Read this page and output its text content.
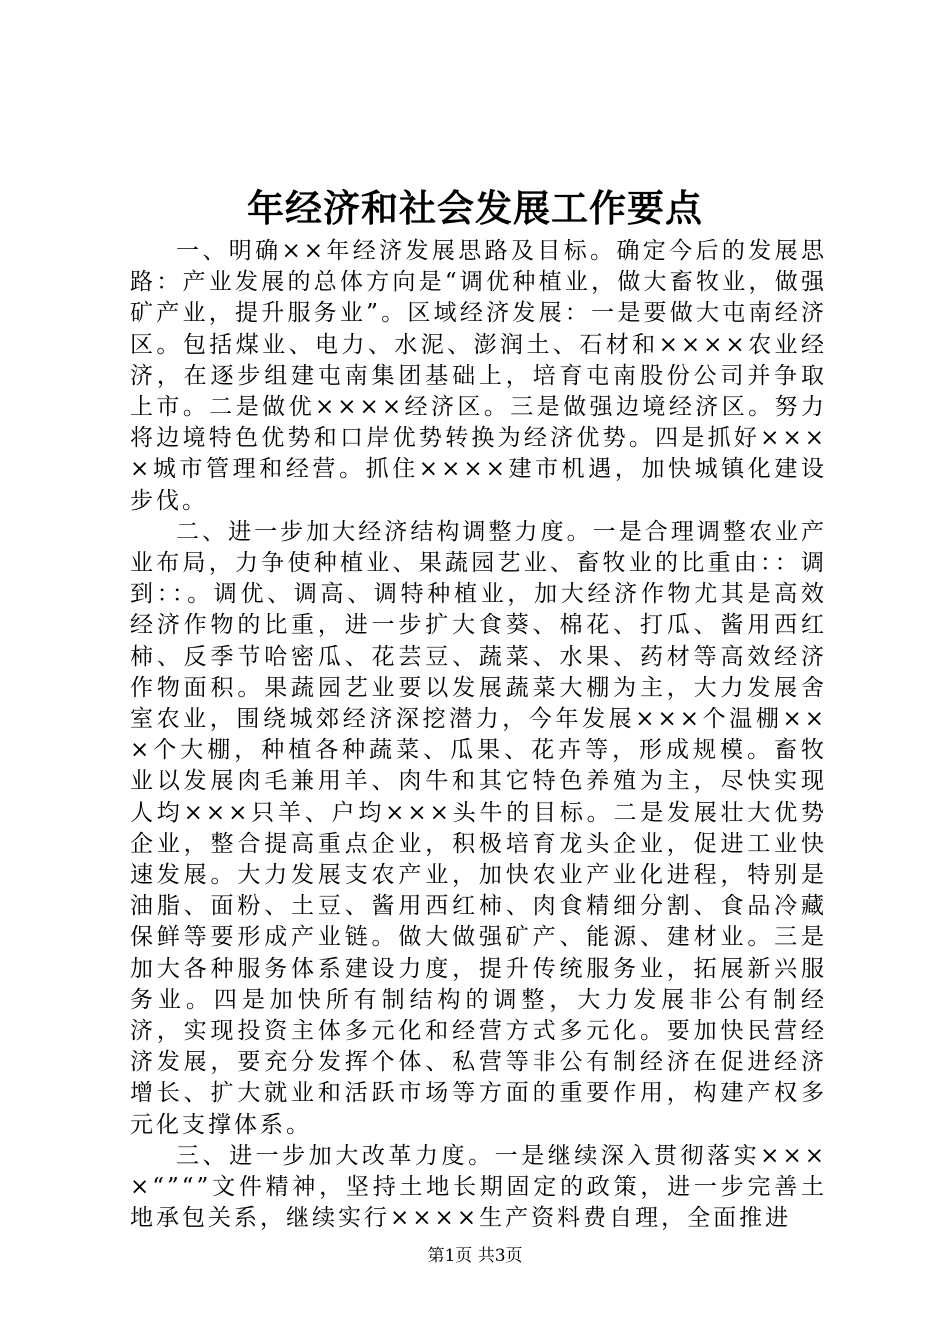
年经济和社会发展工作要点

一、明确××年经济发展思路及目标。确定今后的发展思路：产业发展的总体方向是“调优种植业，做大畜牧业，做强矿产业，提升服务业”。区域经济发展：一是要做大屯南经济区。包括煤业、电力、水泥、澎润土、石材和××××农业经济，在逐步组建屯南集团基础上，培育屯南股份公司并争取上市。二是做优××××经济区。三是做强边境经济区。努力将边境特色优势和口岸优势转换为经济优势。四是抓好××××城市管理和经营。抓住××××建市机遇，加快城镇化建设步伐。

二、进一步加大经济结构调整力度。一是合理调整农业产业布局，力争使种植业、果蔬园艺业、畜牧业的比重由：：调到：：。调优、调高、调特种植业，加大经济作物尤其是高效经济作物的比重，进一步扩大食葵、棉花、打瓜、酱用西红柿、反季节哈密瓜、花芸豆、蔬菜、水果、药材等高效经济作物面积。果蔬园艺业要以发展蔬菜大棚为主，大力发展舍室农业，围绕城郊经济深挖潜力，今年发展×××个温棚×××个大棚，种植各种蔬菜、瓜果、花卉等，形成规模。畜牧业以发展肉毛兼用羊、肉牛和其它特色养殖为主，尽快实现人均×××只羊、户均×××头牛的目标。二是发展壮大优势企业，整合提高重点企业，积极培育龙头企业，促进工业快速发展。大力发展支农产业，加快农业产业化进程，特别是油脂、面粉、土豆、酱用西红柿、肉食精细分割、食品冷藏保鲜等要形成产业链。做大做强矿产、能源、建材业。三是加大各种服务体系建设力度，提升传统服务业，拓展新兴服务业。四是加快所有制结构的调整，大力发展非公有制经济，实现投资主体多元化和经营方式多元化。要加快民营经济发展，要充分发挥个体、私营等非公有制经济在促进经济增长、扩大就业和活跃市场等方面的重要作用，构建产权多元化支撑体系。

三、进一步加大改革力度。一是继续深入贯彻落实××××“”“”文件精神，坚持土地长期固定的政策，进一步完善土地承包关系，继续实行××××生产资料费自理，全面推进

第1页 共3页
